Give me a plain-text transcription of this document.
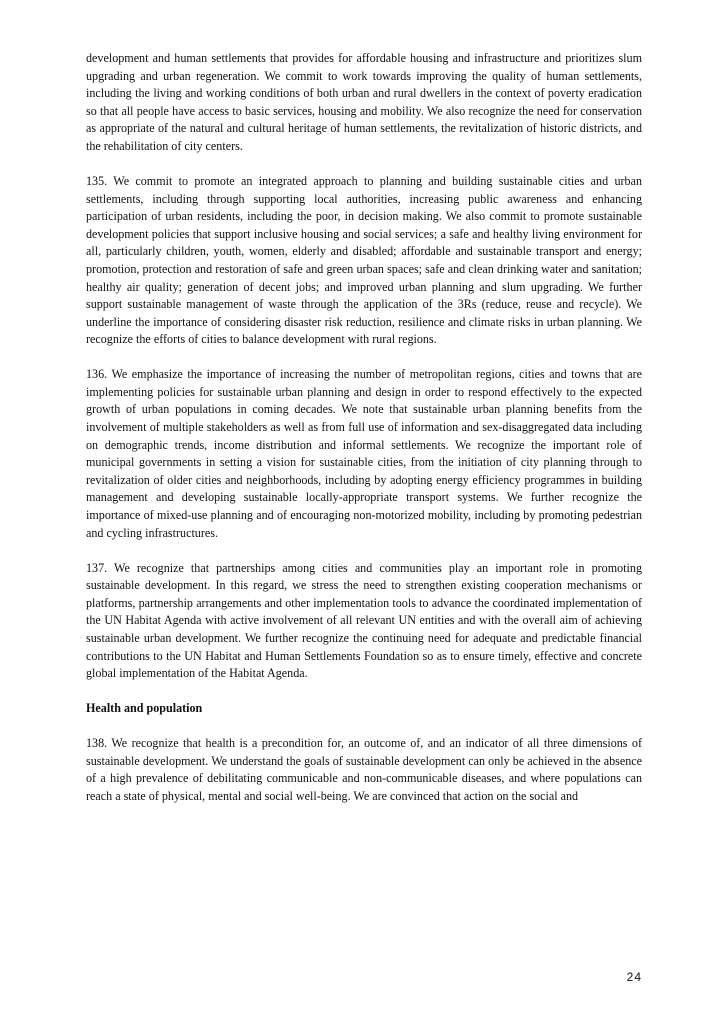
development and human settlements that provides for affordable housing and infrastructure and prioritizes slum upgrading and urban regeneration. We commit to work towards improving the quality of human settlements, including the living and working conditions of both urban and rural dwellers in the context of poverty eradication so that all people have access to basic services, housing and mobility. We also recognize the need for conservation as appropriate of the natural and cultural heritage of human settlements, the revitalization of historic districts, and the rehabilitation of city centers.

135. We commit to promote an integrated approach to planning and building sustainable cities and urban settlements, including through supporting local authorities, increasing public awareness and enhancing participation of urban residents, including the poor, in decision making. We also commit to promote sustainable development policies that support inclusive housing and social services; a safe and healthy living environment for all, particularly children, youth, women, elderly and disabled; affordable and sustainable transport and energy; promotion, protection and restoration of safe and green urban spaces; safe and clean drinking water and sanitation; healthy air quality; generation of decent jobs; and improved urban planning and slum upgrading. We further support sustainable management of waste through the application of the 3Rs (reduce, reuse and recycle). We underline the importance of considering disaster risk reduction, resilience and climate risks in urban planning. We recognize the efforts of cities to balance development with rural regions.

136. We emphasize the importance of increasing the number of metropolitan regions, cities and towns that are implementing policies for sustainable urban planning and design in order to respond effectively to the expected growth of urban populations in coming decades. We note that sustainable urban planning benefits from the involvement of multiple stakeholders as well as from full use of information and sex-disaggregated data including on demographic trends, income distribution and informal settlements. We recognize the important role of municipal governments in setting a vision for sustainable cities, from the initiation of city planning through to revitalization of older cities and neighborhoods, including by adopting energy efficiency programmes in building management and developing sustainable locally-appropriate transport systems. We further recognize the importance of mixed-use planning and of encouraging non-motorized mobility, including by promoting pedestrian and cycling infrastructures.

137. We recognize that partnerships among cities and communities play an important role in promoting sustainable development. In this regard, we stress the need to strengthen existing cooperation mechanisms or platforms, partnership arrangements and other implementation tools to advance the coordinated implementation of the UN Habitat Agenda with active involvement of all relevant UN entities and with the overall aim of achieving sustainable urban development. We further recognize the continuing need for adequate and predictable financial contributions to the UN Habitat and Human Settlements Foundation so as to ensure timely, effective and concrete global implementation of the Habitat Agenda.

Health and population

138. We recognize that health is a precondition for, an outcome of, and an indicator of all three dimensions of sustainable development. We understand the goals of sustainable development can only be achieved in the absence of a high prevalence of debilitating communicable and non-communicable diseases, and where populations can reach a state of physical, mental and social well-being. We are convinced that action on the social and

24
